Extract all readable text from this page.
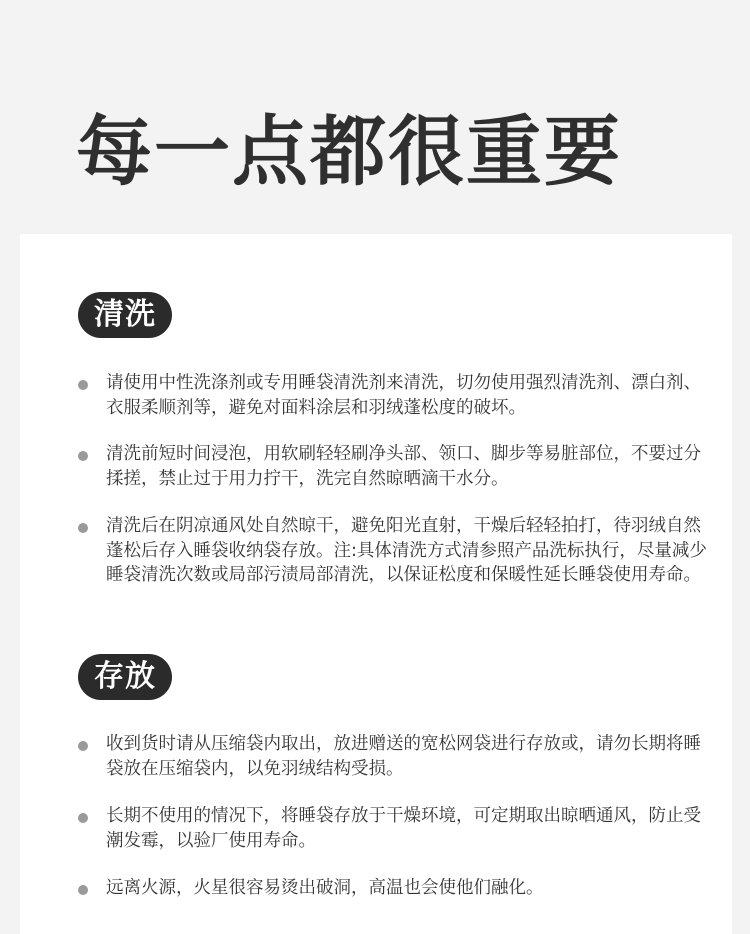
每一点都很重要
清洗
请使用中性洗涤剂或专用睡袋清洗剂来清洗，切勿使用强烈清洗剂、漂白剂、衣服柔顺剂等，避免对面料涂层和羽绒蓬松度的破坏。
清洗前短时间浸泡，用软刷轻轻刷净头部、领口、脚步等易脏部位，不要过分揉搓，禁止过于用力拧干，洗完自然晾晒滴干水分。
清洗后在阴凉通风处自然晾干，避免阳光直射，干燥后轻轻拍打，待羽绒自然蓬松后存入睡袋收纳袋存放。注:具体清洗方式清参照产品洗标执行，尽量减少睡袋清洗次数或局部污渍局部清洗，以保证松度和保暖性延长睡袋使用寿命。
存放
收到货时请从压缩袋内取出，放进赠送的宽松网袋进行存放或，请勿长期将睡袋放在压缩袋内，以免羽绒结构受损。
长期不使用的情况下，将睡袋存放于干燥环境，可定期取出晾晒通风，防止受潮发霉，以验厂使用寿命。
远离火源，火星很容易烫出破洞，高温也会使他们融化。
